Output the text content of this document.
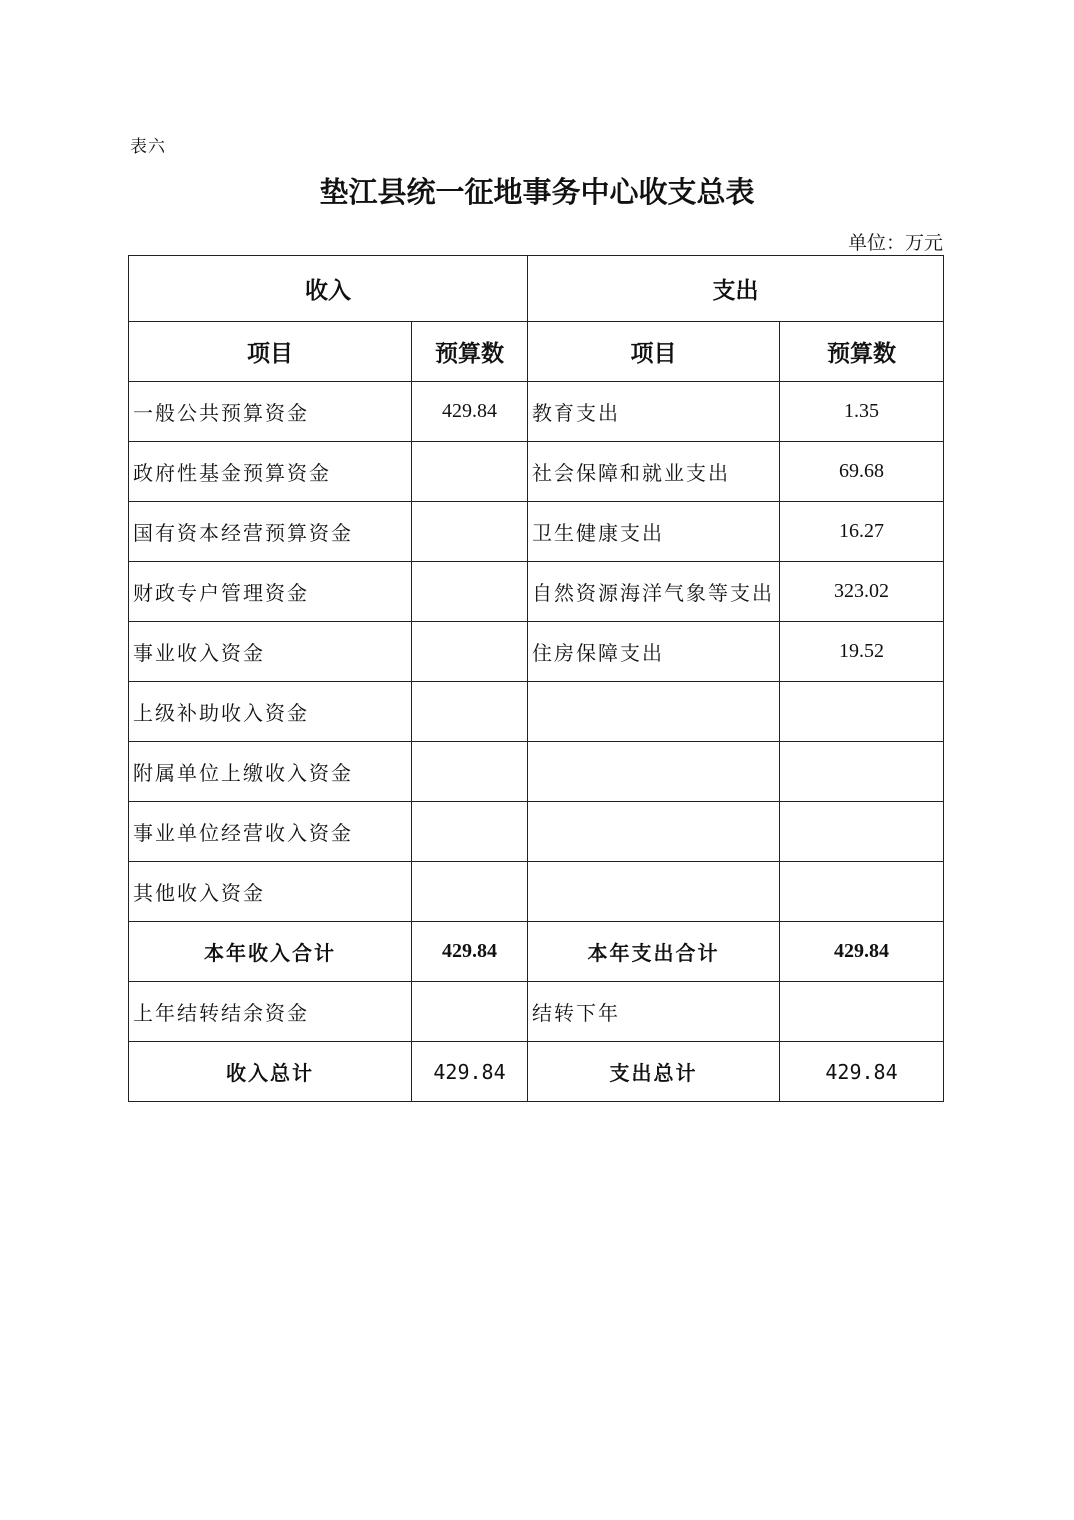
表六
垫江县统一征地事务中心收支总表
单位：万元
收入		支出	
项目	预算数	项目	预算数
一般公共预算资金	429.84	教育支出	1.35
政府性基金预算资金		社会保障和就业支出	69.68
国有资本经营预算资金		卫生健康支出	16.27
财政专户管理资金		自然资源海洋气象等支出	323.02
事业收入资金		住房保障支出	19.52
上级补助收入资金			
附属单位上缴收入资金			
事业单位经营收入资金			
其他收入资金			
本年收入合计	429.84	本年支出合计	429.84
上年结转结余资金		结转下年	
收入总计	429.84	支出总计	429.84
